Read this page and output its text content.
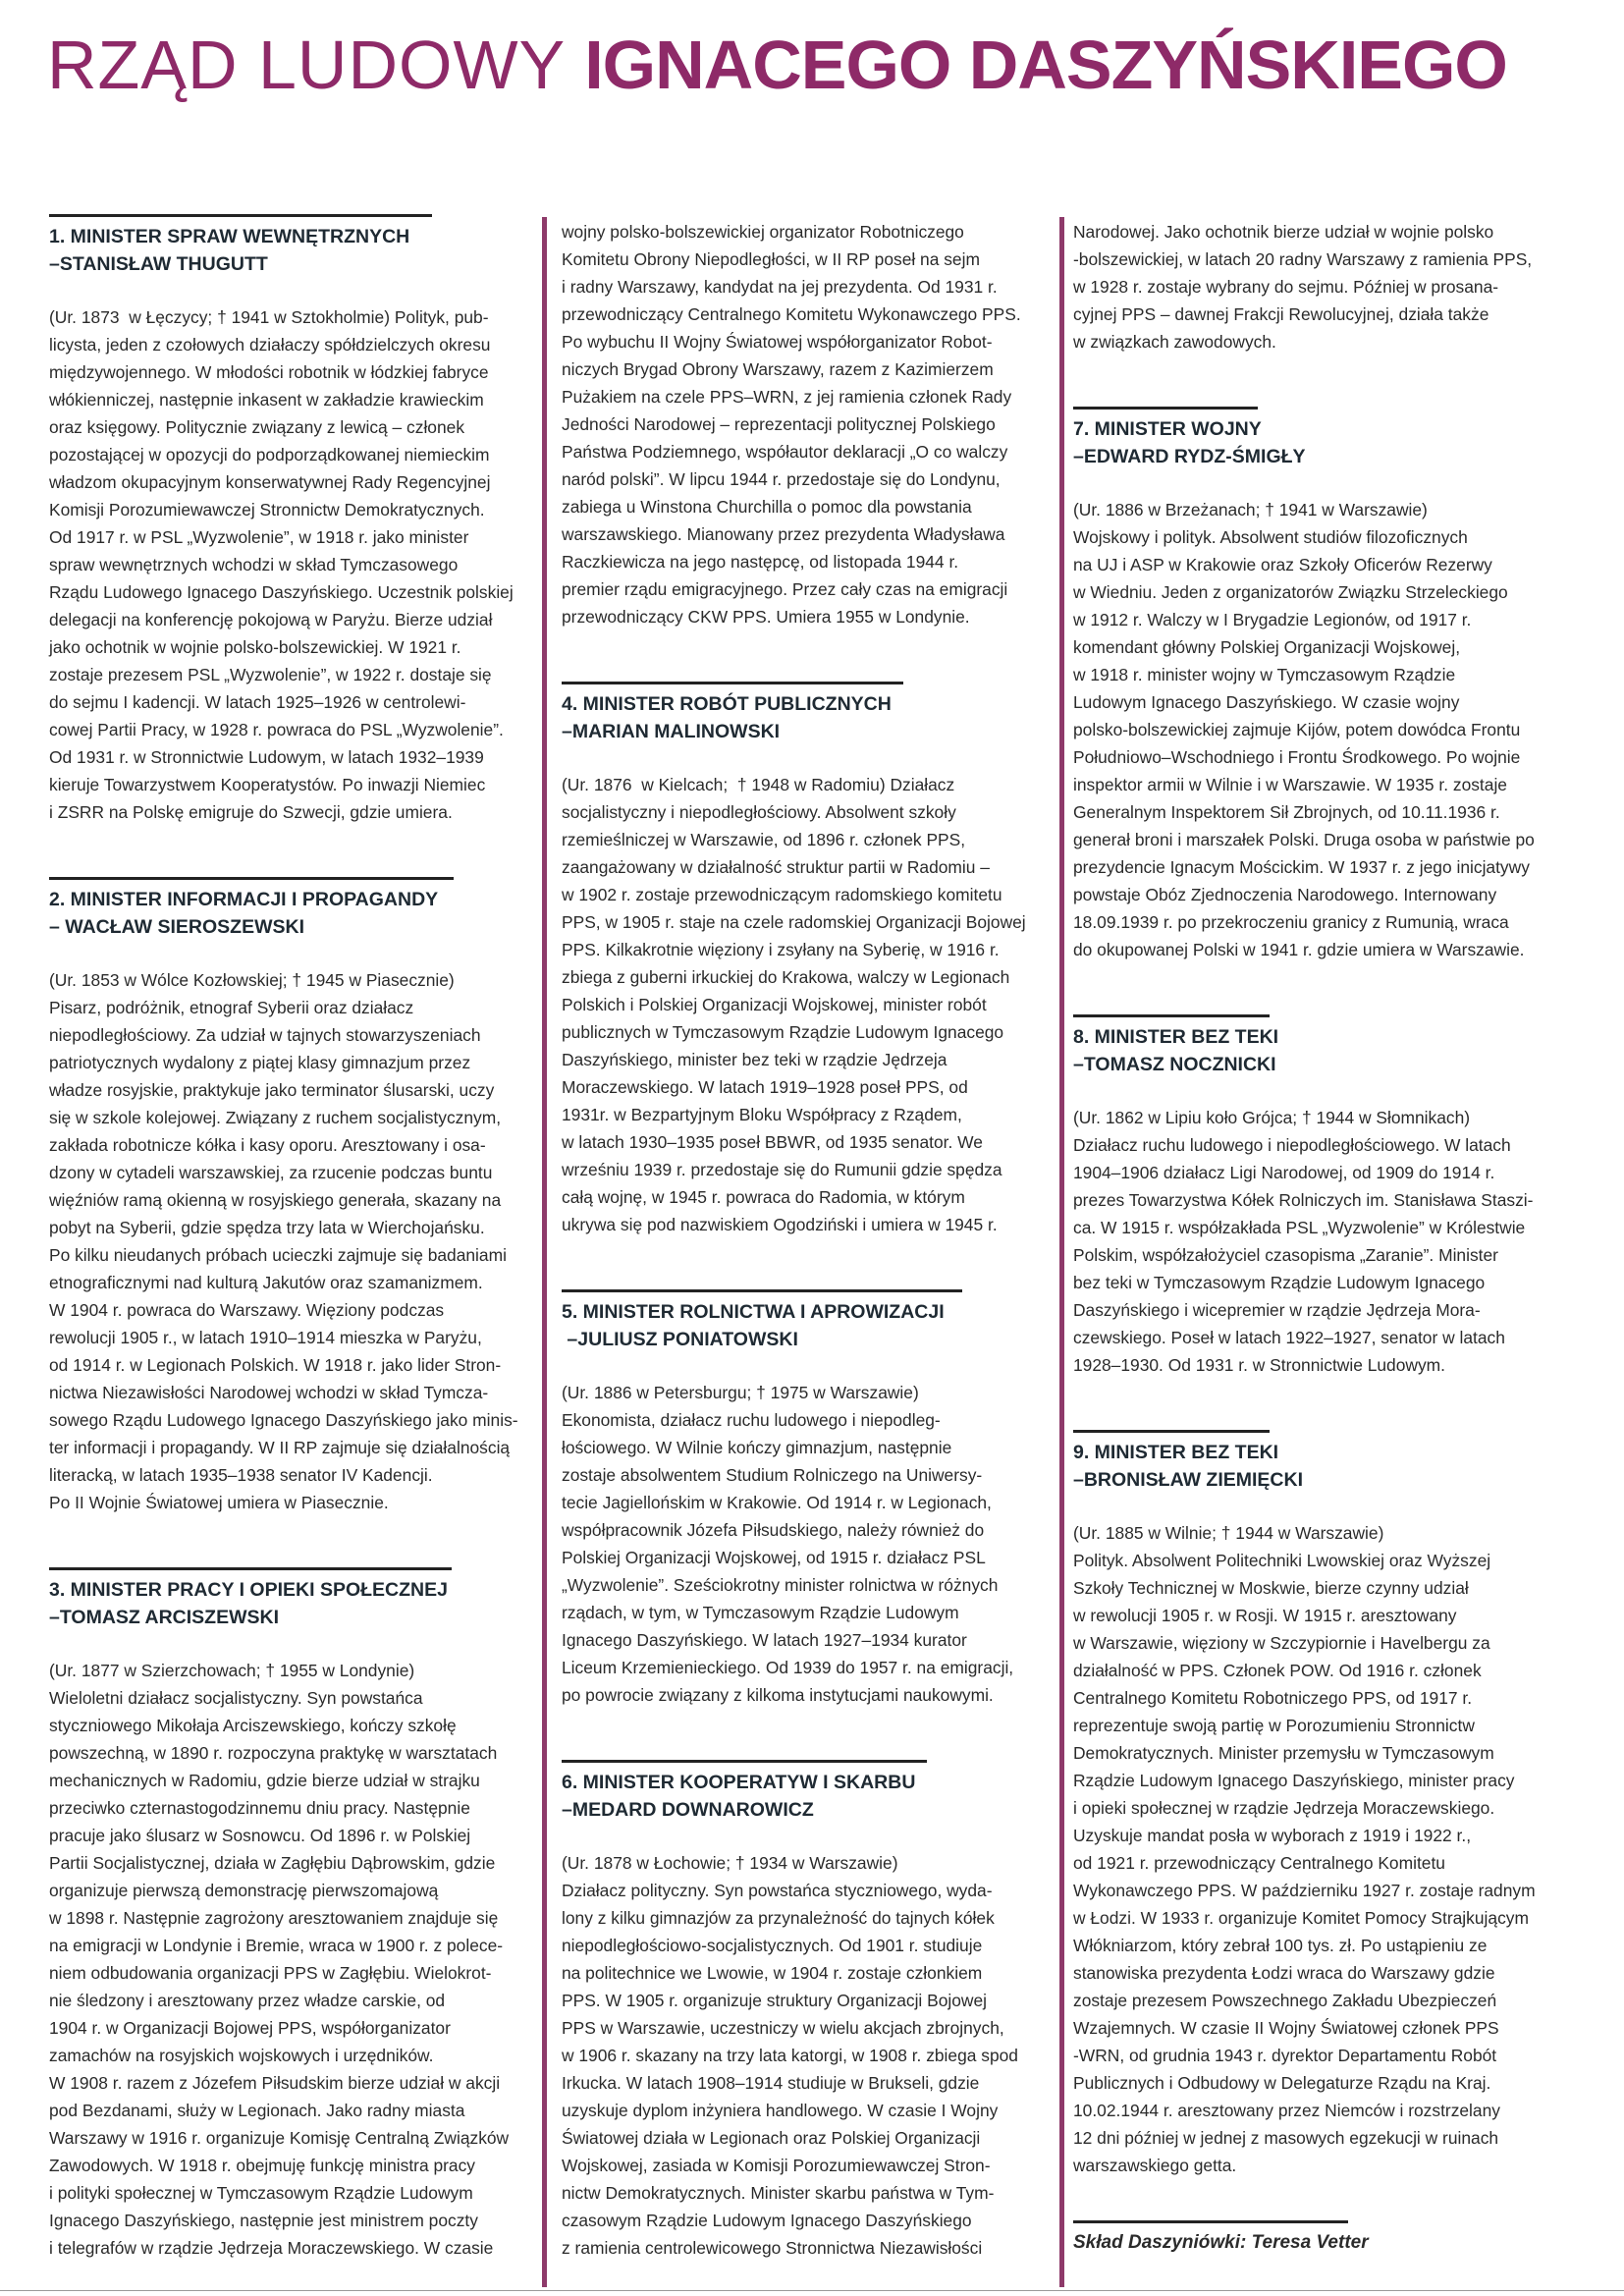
RZĄD LUDOWY IGNACEGO DASZYŃSKIEGO
1. MINISTER SPRAW WEWNĘTRZNYCH
–STANISŁAW THUGUTT

(Ur. 1873  w Łęczycy; † 1941 w Sztokholmie) Polityk, pub-

licysta, jeden z czołowych działaczy spółdzielczych okresu

międzywojennego. W młodości robotnik w łódzkiej fabryce

włókienniczej, następnie inkasent w zakładzie krawieckim

oraz księgowy. Politycznie związany z lewicą – członek

pozostającej w opozycji do podporządkowanej niemieckim

władzom okupacyjnym konserwatywnej Rady Regencyjnej

Komisji Porozumiewawczej Stronnictw Demokratycznych.

Od 1917 r. w PSL „Wyzwolenie”, w 1918 r. jako minister

spraw wewnętrznych wchodzi w skład Tymczasowego

Rządu Ludowego Ignacego Daszyńskiego. Uczestnik polskiej

delegacji na konferencję pokojową w Paryżu. Bierze udział

jako ochotnik w wojnie polsko-bolszewickiej. W 1921 r.

zostaje prezesem PSL „Wyzwolenie”, w 1922 r. dostaje się

do sejmu I kadencji. W latach 1925–1926 w centrolewi-

cowej Partii Pracy, w 1928 r. powraca do PSL „Wyzwolenie”.

Od 1931 r. w Stronnictwie Ludowym, w latach 1932–1939

kieruje Towarzystwem Kooperatystów. Po inwazji Niemiec

i ZSRR na Polskę emigruje do Szwecji, gdzie umiera.

2. MINISTER INFORMACJI I PROPAGANDY
– WACŁAW SIEROSZEWSKI

(Ur. 1853 w Wólce Kozłowskiej; † 1945 w Piasecznie)

Pisarz, podróżnik, etnograf Syberii oraz działacz

niepodległościowy. Za udział w tajnych stowarzyszeniach

patriotycznych wydalony z piątej klasy gimnazjum przez

władze rosyjskie, praktykuje jako terminator ślusarski, uczy

się w szkole kolejowej. Związany z ruchem socjalistycznym,

zakłada robotnicze kółka i kasy oporu. Aresztowany i osa-

dzony w cytadeli warszawskiej, za rzucenie podczas buntu

więźniów ramą okienną w rosyjskiego generała, skazany na

pobyt na Syberii, gdzie spędza trzy lata w Wierchojańsku.

Po kilku nieudanych próbach ucieczki zajmuje się badaniami

etnograficznymi nad kulturą Jakutów oraz szamanizmem.

W 1904 r. powraca do Warszawy. Więziony podczas

rewolucji 1905 r., w latach 1910–1914 mieszka w Paryżu,

od 1914 r. w Legionach Polskich. W 1918 r. jako lider Stron-

nictwa Niezawisłości Narodowej wchodzi w skład Tymcza-

sowego Rządu Ludowego Ignacego Daszyńskiego jako minis-

ter informacji i propagandy. W II RP zajmuje się działalnością

literacką, w latach 1935–1938 senator IV Kadencji.

Po II Wojnie Światowej umiera w Piasecznie.

3. MINISTER PRACY I OPIEKI SPOŁECZNEJ
–TOMASZ ARCISZEWSKI

(Ur. 1877 w Szierzchowach; † 1955 w Londynie)

Wieloletni działacz socjalistyczny. Syn powstańca

styczniowego Mikołaja Arciszewskiego, kończy szkołę

powszechną, w 1890 r. rozpoczyna praktykę w warsztatach

mechanicznych w Radomiu, gdzie bierze udział w strajku

przeciwko czternastogodzinnemu dniu pracy. Następnie

pracuje jako ślusarz w Sosnowcu. Od 1896 r. w Polskiej

Partii Socjalistycznej, działa w Zagłębiu Dąbrowskim, gdzie

organizuje pierwszą demonstrację pierwszomajową

w 1898 r. Następnie zagrożony aresztowaniem znajduje się

na emigracji w Londynie i Bremie, wraca w 1900 r. z polece-

niem odbudowania organizacji PPS w Zagłębiu. Wielokrot-

nie śledzony i aresztowany przez władze carskie, od

1904 r. w Organizacji Bojowej PPS, współorganizator

zamachów na rosyjskich wojskowych i urzędników.

W 1908 r. razem z Józefem Piłsudskim bierze udział w akcji

pod Bezdanami, służy w Legionach. Jako radny miasta

Warszawy w 1916 r. organizuje Komisję Centralną Związków

Zawodowych. W 1918 r. obejmuję funkcję ministra pracy

i polityki społecznej w Tymczasowym Rządzie Ludowym

Ignacego Daszyńskiego, następnie jest ministrem poczty

i telegrafów w rządzie Jędrzeja Moraczewskiego. W czasie

wojny polsko-bolszewickiej organizator Robotniczego

Komitetu Obrony Niepodległości, w II RP poseł na sejm

i radny Warszawy, kandydat na jej prezydenta. Od 1931 r.

przewodniczący Centralnego Komitetu Wykonawczego PPS.

Po wybuchu II Wojny Światowej współorganizator Robot-

niczych Brygad Obrony Warszawy, razem z Kazimierzem

Pużakiem na czele PPS–WRN, z jej ramienia członek Rady

Jedności Narodowej – reprezentacji politycznej Polskiego

Państwa Podziemnego, współautor deklaracji „O co walczy

naród polski”. W lipcu 1944 r. przedostaje się do Londynu,

zabiega u Winstona Churchilla o pomoc dla powstania

warszawskiego. Mianowany przez prezydenta Władysława

Raczkiewicza na jego następcę, od listopada 1944 r.

premier rządu emigracyjnego. Przez cały czas na emigracji

przewodniczący CKW PPS. Umiera 1955 w Londynie.

4. MINISTER ROBÓT PUBLICZNYCH
–MARIAN MALINOWSKI

(Ur. 1876  w Kielcach;  † 1948 w Radomiu) Działacz

socjalistyczny i niepodległościowy. Absolwent szkoły

rzemieślniczej w Warszawie, od 1896 r. członek PPS,

zaangażowany w działalność struktur partii w Radomiu –

w 1902 r. zostaje przewodniczącym radomskiego komitetu

PPS, w 1905 r. staje na czele radomskiej Organizacji Bojowej

PPS. Kilkakrotnie więziony i zsyłany na Syberię, w 1916 r.

zbiega z guberni irkuckiej do Krakowa, walczy w Legionach

Polskich i Polskiej Organizacji Wojskowej, minister robót

publicznych w Tymczasowym Rządzie Ludowym Ignacego

Daszyńskiego, minister bez teki w rządzie Jędrzeja

Moraczewskiego. W latach 1919–1928 poseł PPS, od

1931r. w Bezpartyjnym Bloku Współpracy z Rządem,

w latach 1930–1935 poseł BBWR, od 1935 senator. We

wrześniu 1939 r. przedostaje się do Rumunii gdzie spędza

całą wojnę, w 1945 r. powraca do Radomia, w którym

ukrywa się pod nazwiskiem Ogodziński i umiera w 1945 r.

5. MINISTER ROLNICTWA I APROWIZACJI
–JULIUSZ PONIATOWSKI

(Ur. 1886 w Petersburgu; † 1975 w Warszawie)

Ekonomista, działacz ruchu ludowego i niepodleg-

łościowego. W Wilnie kończy gimnazjum, następnie

zostaje absolwentem Studium Rolniczego na Uniwersy-

tecie Jagiellońskim w Krakowie. Od 1914 r. w Legionach,

współpracownik Józefa Piłsudskiego, należy również do

Polskiej Organizacji Wojskowej, od 1915 r. działacz PSL

„Wyzwolenie”. Sześciokrotny minister rolnictwa w różnych

rządach, w tym, w Tymczasowym Rządzie Ludowym

Ignacego Daszyńskiego. W latach 1927–1934 kurator

Liceum Krzemienieckiego. Od 1939 do 1957 r. na emigracji,

po powrocie związany z kilkoma instytucjami naukowymi.

6. MINISTER KOOPERATYW I SKARBU
–MEDARD DOWNAROWICZ

(Ur. 1878 w Łochowie; † 1934 w Warszawie)

Działacz polityczny. Syn powstańca styczniowego, wyda-

lony z kilku gimnazjów za przynależność do tajnych kółek

niepodległościowo-socjalistycznych. Od 1901 r. studiuje

na politechnice we Lwowie, w 1904 r. zostaje członkiem

PPS. W 1905 r. organizuje struktury Organizacji Bojowej

PPS w Warszawie, uczestniczy w wielu akcjach zbrojnych,

w 1906 r. skazany na trzy lata katorgi, w 1908 r. zbiega spod

Irkucka. W latach 1908–1914 studiuje w Brukseli, gdzie

uzyskuje dyplom inżyniera handlowego. W czasie I Wojny

Światowej działa w Legionach oraz Polskiej Organizacji

Wojskowej, zasiada w Komisji Porozumiewawczej Stron-

nictw Demokratycznych. Minister skarbu państwa w Tym-

czasowym Rządzie Ludowym Ignacego Daszyńskiego

z ramienia centrolewicowego Stronnictwa Niezawisłości

Narodowej. Jako ochotnik bierze udział w wojnie polsko

-bolszewickiej, w latach 20 radny Warszawy z ramienia PPS,

w 1928 r. zostaje wybrany do sejmu. Później w prosana-

cyjnej PPS – dawnej Frakcji Rewolucyjnej, działa także

w związkach zawodowych.

7. MINISTER WOJNY
–EDWARD RYDZ-ŚMIGŁY

(Ur. 1886 w Brzeżanach; † 1941 w Warszawie)

Wojskowy i polityk. Absolwent studiów filozoficznych

na UJ i ASP w Krakowie oraz Szkoły Oficerów Rezerwy

w Wiedniu. Jeden z organizatorów Związku Strzeleckiego

w 1912 r. Walczy w I Brygadzie Legionów, od 1917 r.

komendant główny Polskiej Organizacji Wojskowej,

w 1918 r. minister wojny w Tymczasowym Rządzie

Ludowym Ignacego Daszyńskiego. W czasie wojny

polsko-bolszewickiej zajmuje Kijów, potem dowódca Frontu

Południowo–Wschodniego i Frontu Środkowego. Po wojnie

inspektor armii w Wilnie i w Warszawie. W 1935 r. zostaje

Generalnym Inspektorem Sił Zbrojnych, od 10.11.1936 r.

generał broni i marszałek Polski. Druga osoba w państwie po

prezydencie Ignacym Mościckim. W 1937 r. z jego inicjatywy

powstaje Obóz Zjednoczenia Narodowego. Internowany

18.09.1939 r. po przekroczeniu granicy z Rumunią, wraca

do okupowanej Polski w 1941 r. gdzie umiera w Warszawie.

8. MINISTER BEZ TEKI
–TOMASZ NOCZNICKI

(Ur. 1862 w Lipiu koło Grójca; † 1944 w Słomnikach)

Działacz ruchu ludowego i niepodległościowego. W latach

1904–1906 działacz Ligi Narodowej, od 1909 do 1914 r.

prezes Towarzystwa Kółek Rolniczych im. Stanisława Staszi-

ca. W 1915 r. współzakłada PSL „Wyzwolenie” w Królestwie

Polskim, współzałożyciel czasopisma „Zaranie”. Minister

bez teki w Tymczasowym Rządzie Ludowym Ignacego

Daszyńskiego i wicepremier w rządzie Jędrzeja Mora-

czewskiego. Poseł w latach 1922–1927, senator w latach

1928–1930. Od 1931 r. w Stronnictwie Ludowym.

9. MINISTER BEZ TEKI
–BRONISŁAW ZIEMIĘCKI

(Ur. 1885 w Wilnie; † 1944 w Warszawie)

Polityk. Absolwent Politechniki Lwowskiej oraz Wyższej

Szkoły Technicznej w Moskwie, bierze czynny udział

w rewolucji 1905 r. w Rosji. W 1915 r. aresztowany

w Warszawie, więziony w Szczypiornie i Havelbergu za

działalność w PPS. Członek POW. Od 1916 r. członek

Centralnego Komitetu Robotniczego PPS, od 1917 r.

reprezentuje swoją partię w Porozumieniu Stronnictw

Demokratycznych. Minister przemysłu w Tymczasowym

Rządzie Ludowym Ignacego Daszyńskiego, minister pracy

i opieki społecznej w rządzie Jędrzeja Moraczewskiego.

Uzyskuje mandat posła w wyborach z 1919 i 1922 r.,

od 1921 r. przewodniczący Centralnego Komitetu

Wykonawczego PPS. W październiku 1927 r. zostaje radnym

w Łodzi. W 1933 r. organizuje Komitet Pomocy Strajkującym

Włókniarzom, który zebrał 100 tys. zł. Po ustąpieniu ze

stanowiska prezydenta Łodzi wraca do Warszawy gdzie

zostaje prezesem Powszechnego Zakładu Ubezpieczeń

Wzajemnych. W czasie II Wojny Światowej członek PPS

-WRN, od grudnia 1943 r. dyrektor Departamentu Robót

Publicznych i Odbudowy w Delegaturze Rządu na Kraj.

10.02.1944 r. aresztowany przez Niemców i rozstrzelany

12 dni później w jednej z masowych egzekucji w ruinach

warszawskiego getta.

Skład Daszyniówki: Teresa Vetter
